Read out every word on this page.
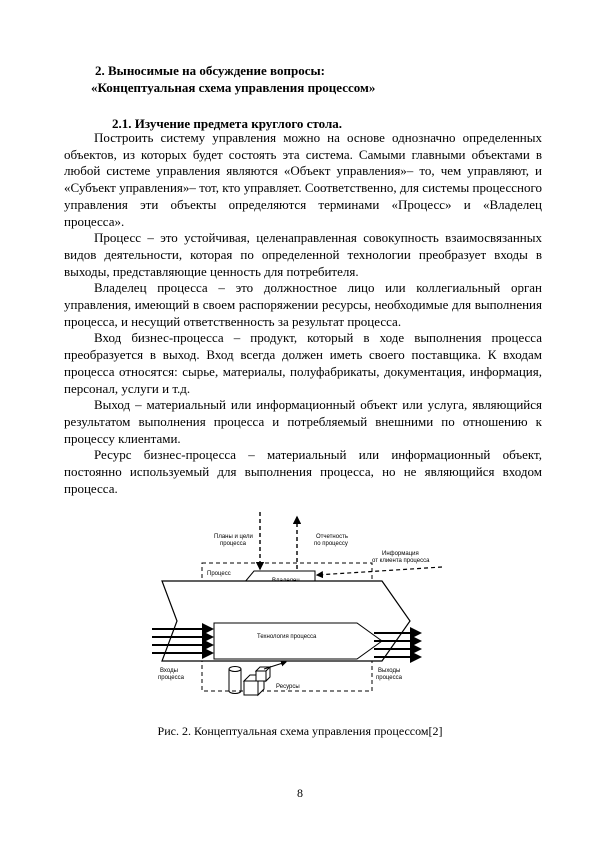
2. Выносимые на обсуждение вопросы:
«Концептуальная схема управления процессом»
2.1. Изучение предмета круглого стола.

Построить систему управления можно на основе однозначно определенных объектов, из которых будет состоять эта система. Самыми главными объектами в любой системе управления являются «Объект управления»– то, чем управляют, и «Субъект управления»– тот, кто управляет. Соответственно, для системы процессного управления эти объекты определяются терминами «Процесс» и «Владелец процесса».

Процесс – это устойчивая, целенаправленная совокупность взаимосвязанных видов деятельности, которая по определенной технологии преобразует входы в выходы, представляющие ценность для потребителя.

Владелец процесса – это должностное лицо или коллегиальный орган управления, имеющий в своем распоряжении ресурсы, необходимые для выполнения процесса, и несущий ответственность за результат процесса.

Вход бизнес-процесса – продукт, который в ходе выполнения процесса преобразуется в выход. Вход всегда должен иметь своего поставщика. К входам процесса относятся: сырье, материалы, полуфабрикаты, документация, информация, персонал, услуги и т.д.

Выход – материальный или информационный объект или услуга, являющийся результатом выполнения процесса и потребляемый внешними по отношению к процессу клиентами.

Ресурс бизнес-процесса – материальный или информационный объект, постоянно используемый для выполнения процесса, но не являющийся входом процесса.

Планы и цели
процесса
Отчетность
по процессу
Информация
от клиента процесса
Процесс
Технология процесса
Входы
процесса
Выходы
процесса
Ресурсы
Рис. 2. Концептуальная схема управления процессом[2]
8
